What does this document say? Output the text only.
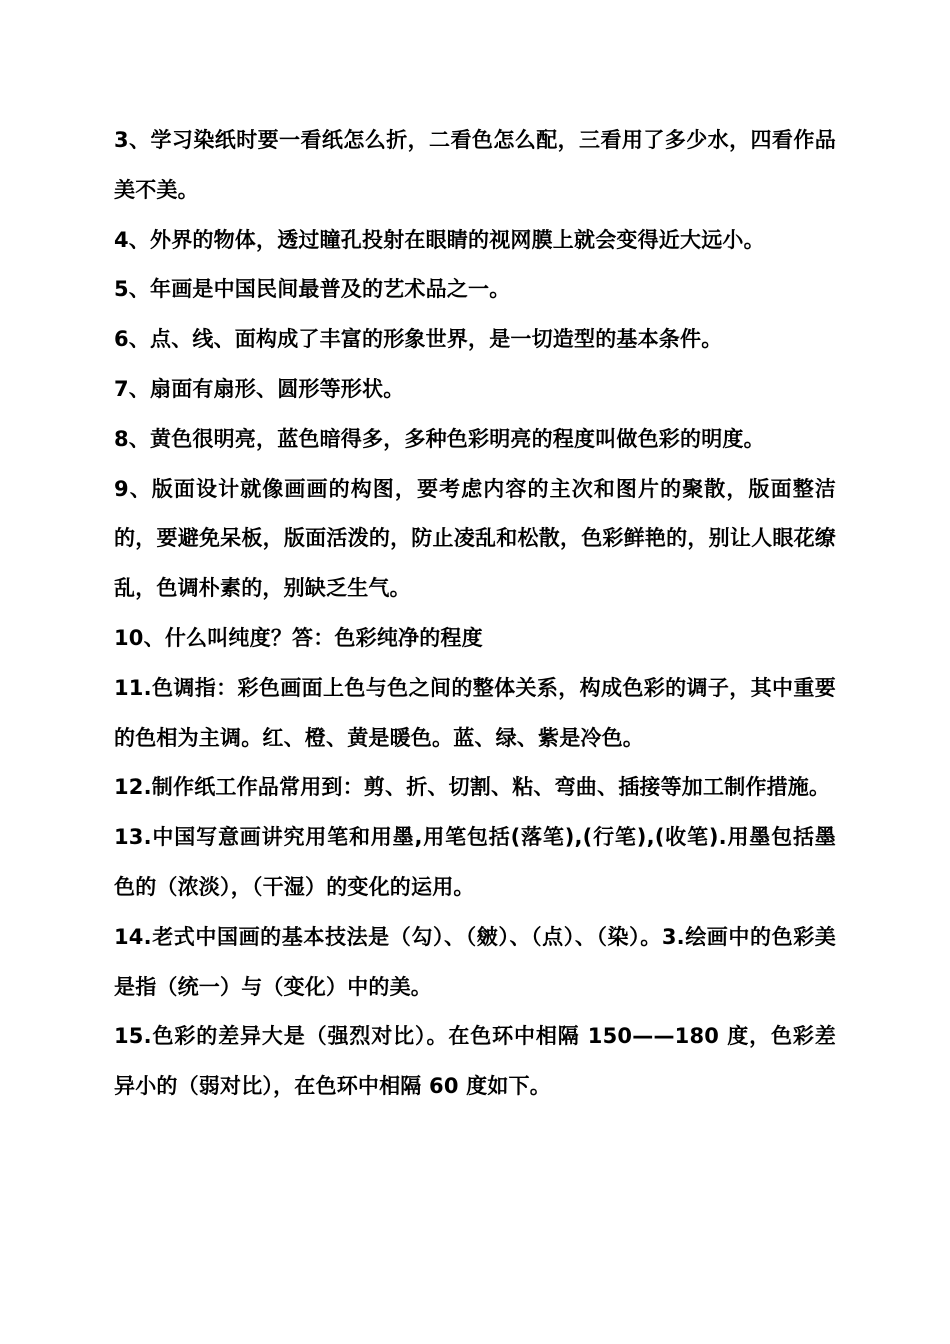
3、学习染纸时要一看纸怎么折，二看色怎么配，三看用了多少水，四看作品美不美。

4、外界的物体，透过瞳孔投射在眼睛的视网膜上就会变得近大远小。

5、年画是中国民间最普及的艺术品之一。

6、点、线、面构成了丰富的形象世界，是一切造型的基本条件。

7、扇面有扇形、圆形等形状。

8、黄色很明亮，蓝色暗得多，多种色彩明亮的程度叫做色彩的明度。

9、版面设计就像画画的构图，要考虑内容的主次和图片的聚散，版面整洁的，要避免呆板，版面活泼的，防止凌乱和松散，色彩鲜艳的，别让人眼花缭乱，色调朴素的，别缺乏生气。

10、什么叫纯度？答：色彩纯净的程度

11.色调指：彩色画面上色与色之间的整体关系，构成色彩的调子，其中重要的色相为主调。红、橙、黄是暖色。蓝、绿、紫是冷色。

12.制作纸工作品常用到：剪、折、切割、粘、弯曲、插接等加工制作措施。

13.中国写意画讲究用笔和用墨,用笔包括(落笔),(行笔),(收笔).用墨包括墨色的（浓淡），（干湿）的变化的运用。

14.老式中国画的基本技法是（勾）、（皴）、（点）、（染）。3.绘画中的色彩美是指（统一）与（变化）中的美。

15.色彩的差异大是（强烈对比）。在色环中相隔 150——180 度，色彩差异小的（弱对比），在色环中相隔 60 度如下。
